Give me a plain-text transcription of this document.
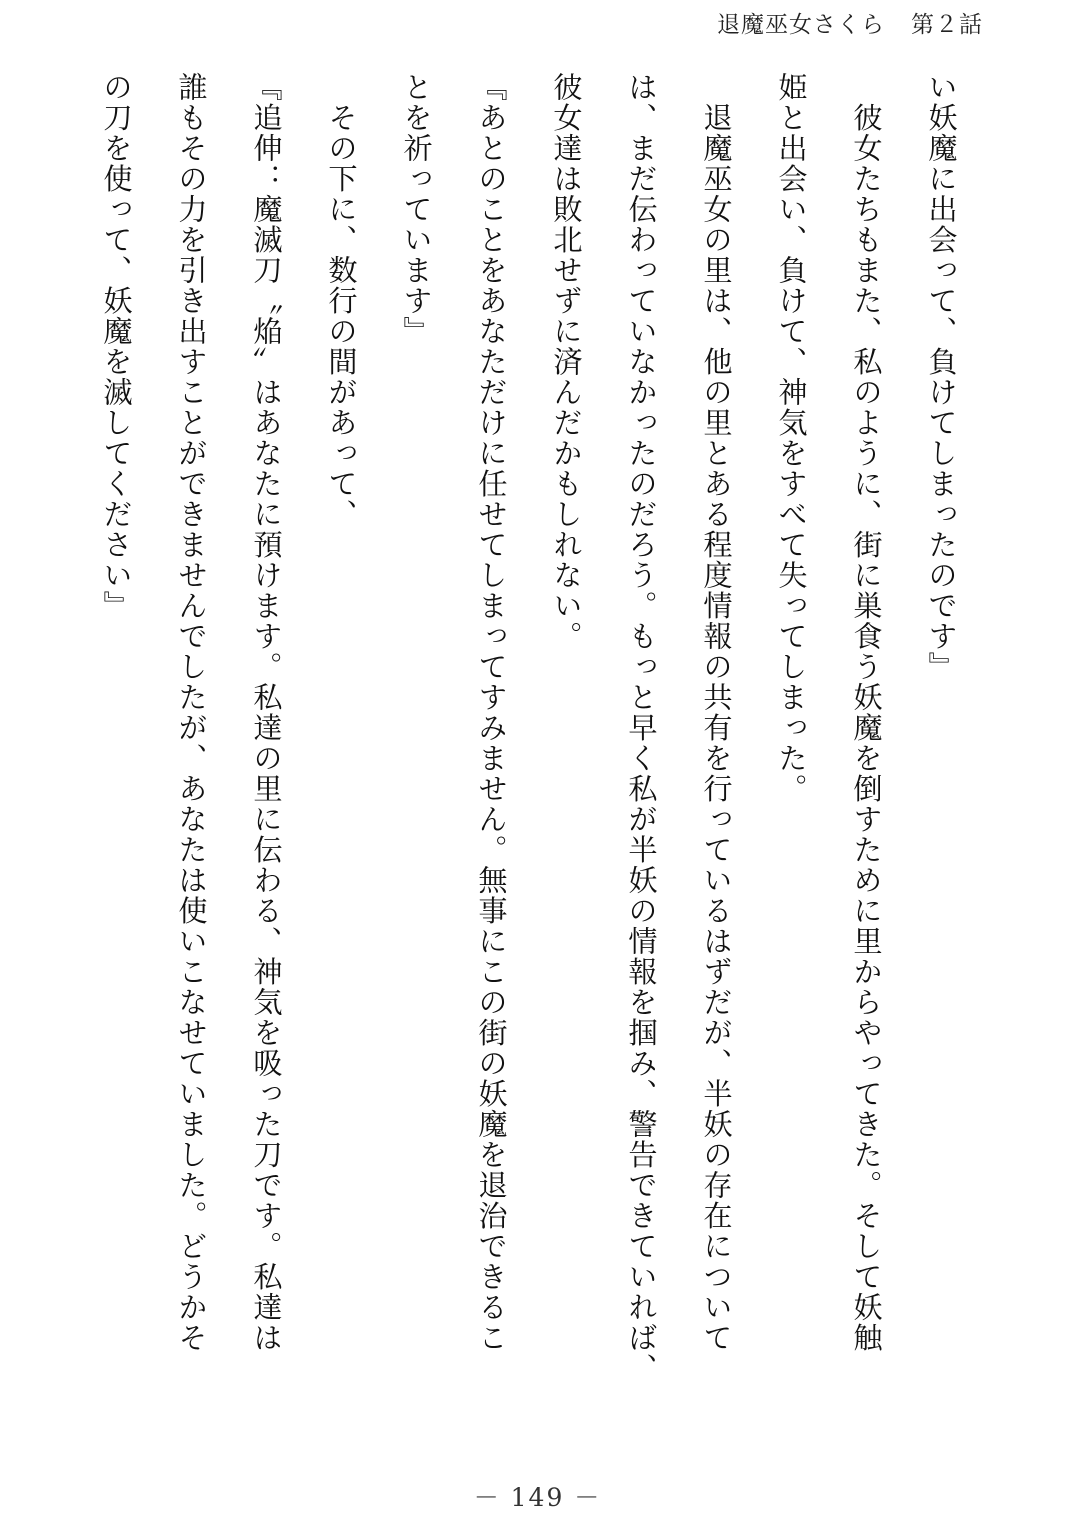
退魔巫女さくら 第２話

い妖魔に出会って、負けてしまったのです』

　彼女たちもまた、私のように、街に巣食う妖魔を倒すために里からやってきた。そして妖触

姫と出会い、負けて、神気をすべて失ってしまった。

　退魔巫女の里は、他の里とある程度情報の共有を行っているはずだが、半妖の存在について

は、まだ伝わっていなかったのだろう。もっと早く私が半妖の情報を掴み、警告できていれば、

彼女達は敗北せずに済んだかもしれない。

『あとのことをあなただけに任せてしまってすみません。無事にこの街の妖魔を退治できるこ

とを祈っています』

　その下に、数行の間があって、

『追伸：魔滅刀〝焔〟はあなたに預けます。私達の里に伝わる、神気を吸った刀です。私達は

誰もその力を引き出すことができませんでしたが、あなたは使いこなせていました。どうかそ

の刀を使って、妖魔を滅してください』

－ 149 －
